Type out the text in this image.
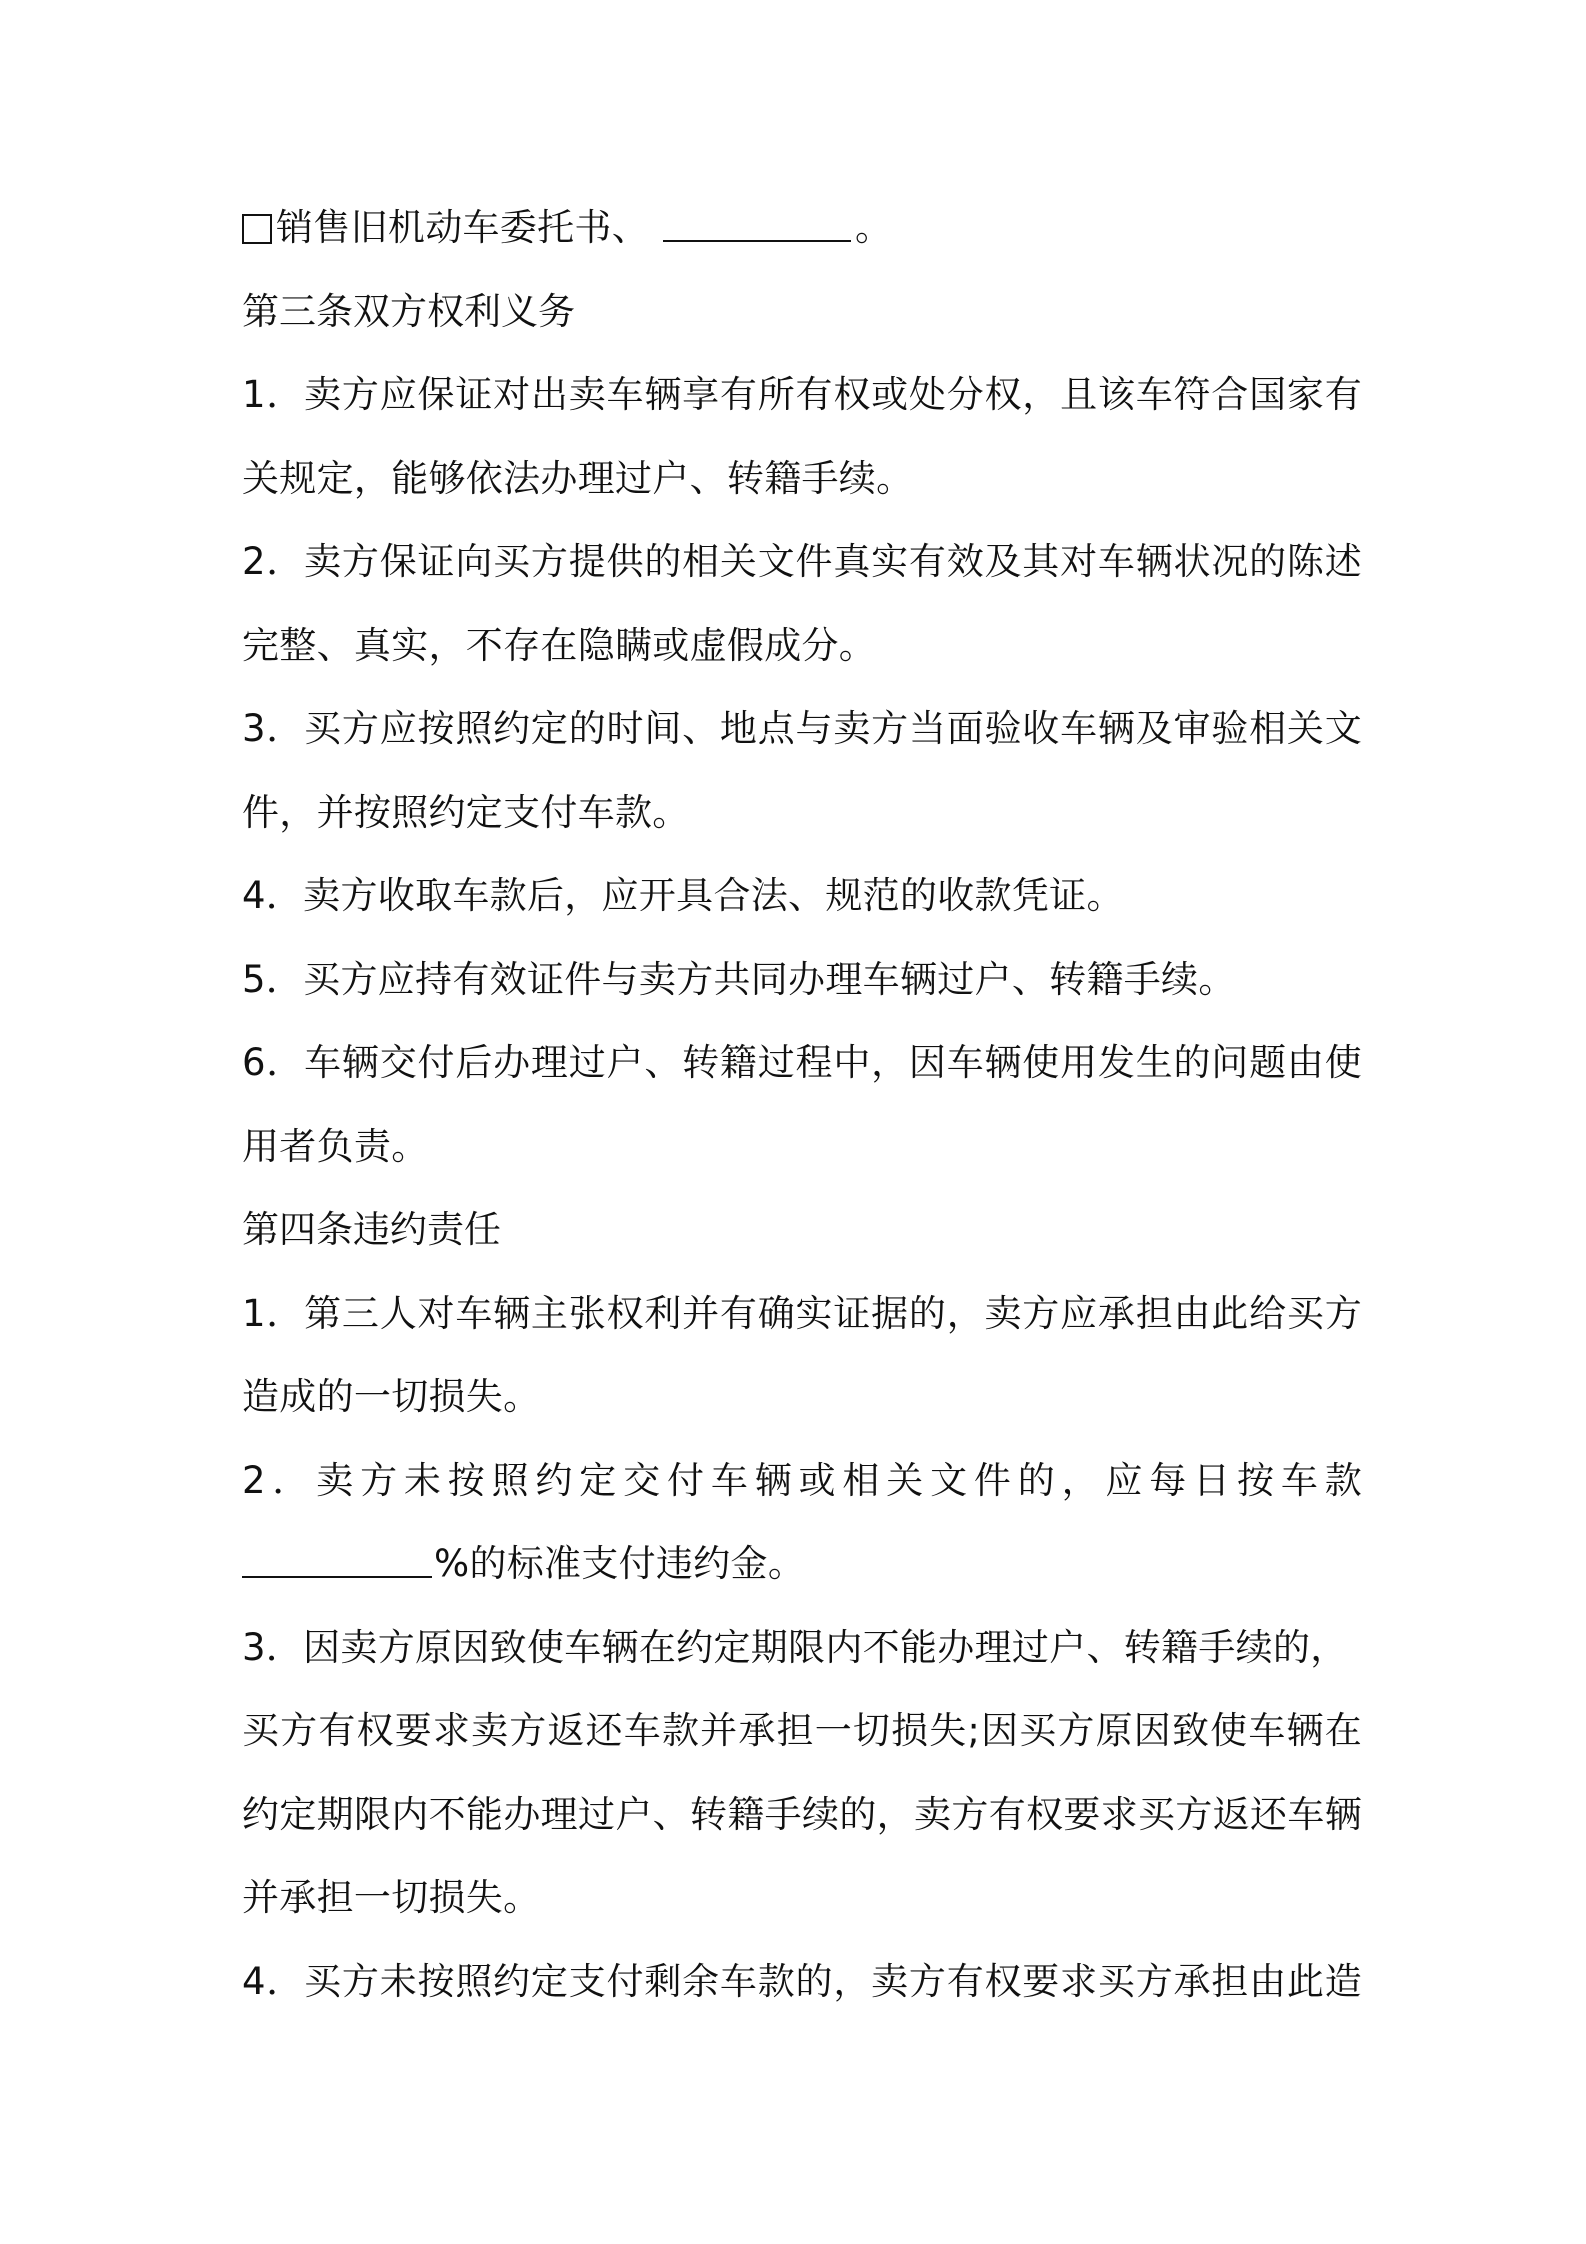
销售旧机动车委托书、	。
第三条双方权利义务
1．卖方应保证对出卖车辆享有所有权或处分权，且该车符合国家有
关规定，能够依法办理过户、转籍手续。
2．卖方保证向买方提供的相关文件真实有效及其对车辆状况的陈述
完整、真实，不存在隐瞒或虚假成分。
3．买方应按照约定的时间、地点与卖方当面验收车辆及审验相关文
件，并按照约定支付车款。
4．卖方收取车款后，应开具合法、规范的收款凭证。
5．买方应持有效证件与卖方共同办理车辆过户、转籍手续。
6．车辆交付后办理过户、转籍过程中，因车辆使用发生的问题由使
用者负责。
第四条违约责任
1．第三人对车辆主张权利并有确实证据的，卖方应承担由此给买方
造成的一切损失。
2．卖方未按照约定交付车辆或相关文件的，应每日按车款
%的标准支付违约金。
3．因卖方原因致使车辆在约定期限内不能办理过户、转籍手续的，
买方有权要求卖方返还车款并承担一切损失;因买方原因致使车辆在
约定期限内不能办理过户、转籍手续的，卖方有权要求买方返还车辆
并承担一切损失。
4．买方未按照约定支付剩余车款的，卖方有权要求买方承担由此造
